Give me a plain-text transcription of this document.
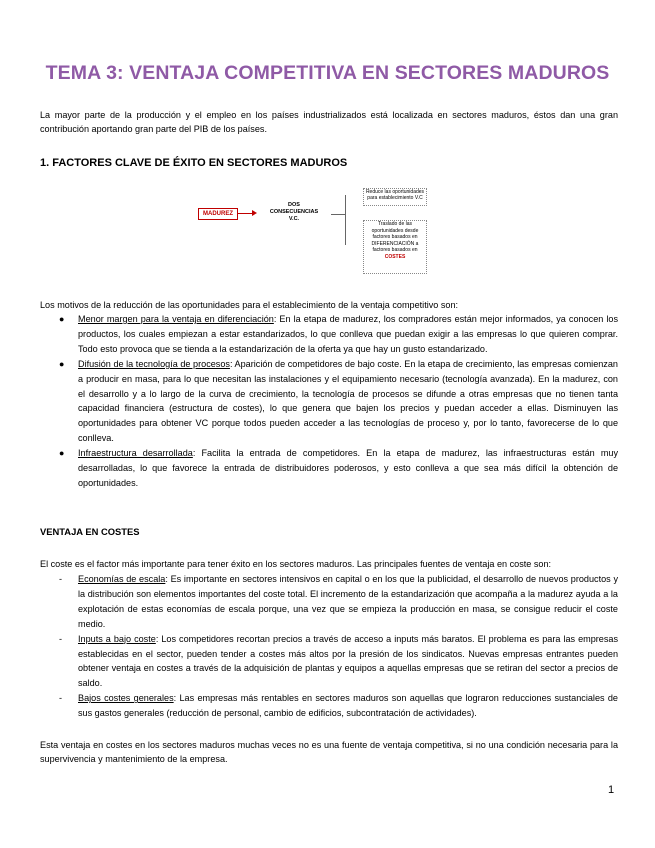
TEMA 3: VENTAJA COMPETITIVA EN SECTORES MADUROS
La mayor parte de la producción y el empleo en los países industrializados está localizada en sectores maduros, éstos dan una gran contribución aportando gran parte del PIB de los países.
1. FACTORES CLAVE DE ÉXITO EN SECTORES MADUROS
MADUREZ
DOS
CONSECUENCIAS
V.C.
Reduce las oportunidades para establecimiento V.C
Traslado de las oportunidades desde factores basados en DIFERENCIACIÓN a factores basados en
COSTES
Los motivos de la reducción de las oportunidades para el establecimiento de la ventaja competitivo son:
● Menor margen para la ventaja en diferenciación: En la etapa de madurez, los compradores están mejor informados, ya conocen los productos, los cuales empiezan a estar estandarizados, lo que conlleva que puedan exigir a las empresas lo que quieren comprar. Todo esto provoca que se tienda a la estandarización de la oferta ya que hay un gusto estandarizado.
● Difusión de la tecnología de procesos: Aparición de competidores de bajo coste. En la etapa de crecimiento, las empresas comienzan a producir en masa, para lo que necesitan las instalaciones y el equipamiento necesario (tecnología avanzada). En la madurez, con el desarrollo y a lo largo de la curva de crecimiento, la tecnología de procesos se difunde a otras empresas que no tienen tanta capacidad financiera (estructura de costes), lo que genera que bajen los precios y puedan acceder a ellas. Disminuyen las oportunidades para obtener VC porque todos pueden acceder a las tecnologías de proceso y, por lo tanto, favorecerse de lo que conlleva.
● Infraestructura desarrollada: Facilita la entrada de competidores. En la etapa de madurez, las infraestructuras están muy desarrolladas, lo que favorece la entrada de distribuidores poderosos, y esto conlleva a que sea más difícil la obtención de oportunidades.
VENTAJA EN COSTES
El coste es el factor más importante para tener éxito en los sectores maduros. Las principales fuentes de ventaja en coste son:
- Economías de escala: Es importante en sectores intensivos en capital o en los que la publicidad, el desarrollo de nuevos productos y la distribución son elementos importantes del coste total. El incremento de la estandarización que acompaña a la madurez ayuda a la explotación de estas economías de escala porque, una vez que se empieza la producción en masa, se consigue reducir el coste medio.
- Inputs a bajo coste: Los competidores recortan precios a través de acceso a inputs más baratos. El problema es para las empresas establecidas en el sector, pueden tender a costes más altos por la presión de los sindicatos. Nuevas empresas entrantes pueden obtener ventaja en costes a través de la adquisición de plantas y equipos a aquellas empresas que se retiran del sector a precios de saldo.
- Bajos costes generales: Las empresas más rentables en sectores maduros son aquellas que lograron reducciones sustanciales de sus gastos generales (reducción de personal, cambio de edificios, subcontratación de actividades).
Esta ventaja en costes en los sectores maduros muchas veces no es una fuente de ventaja competitiva, si no una condición necesaria para la supervivencia y mantenimiento de la empresa.
1
